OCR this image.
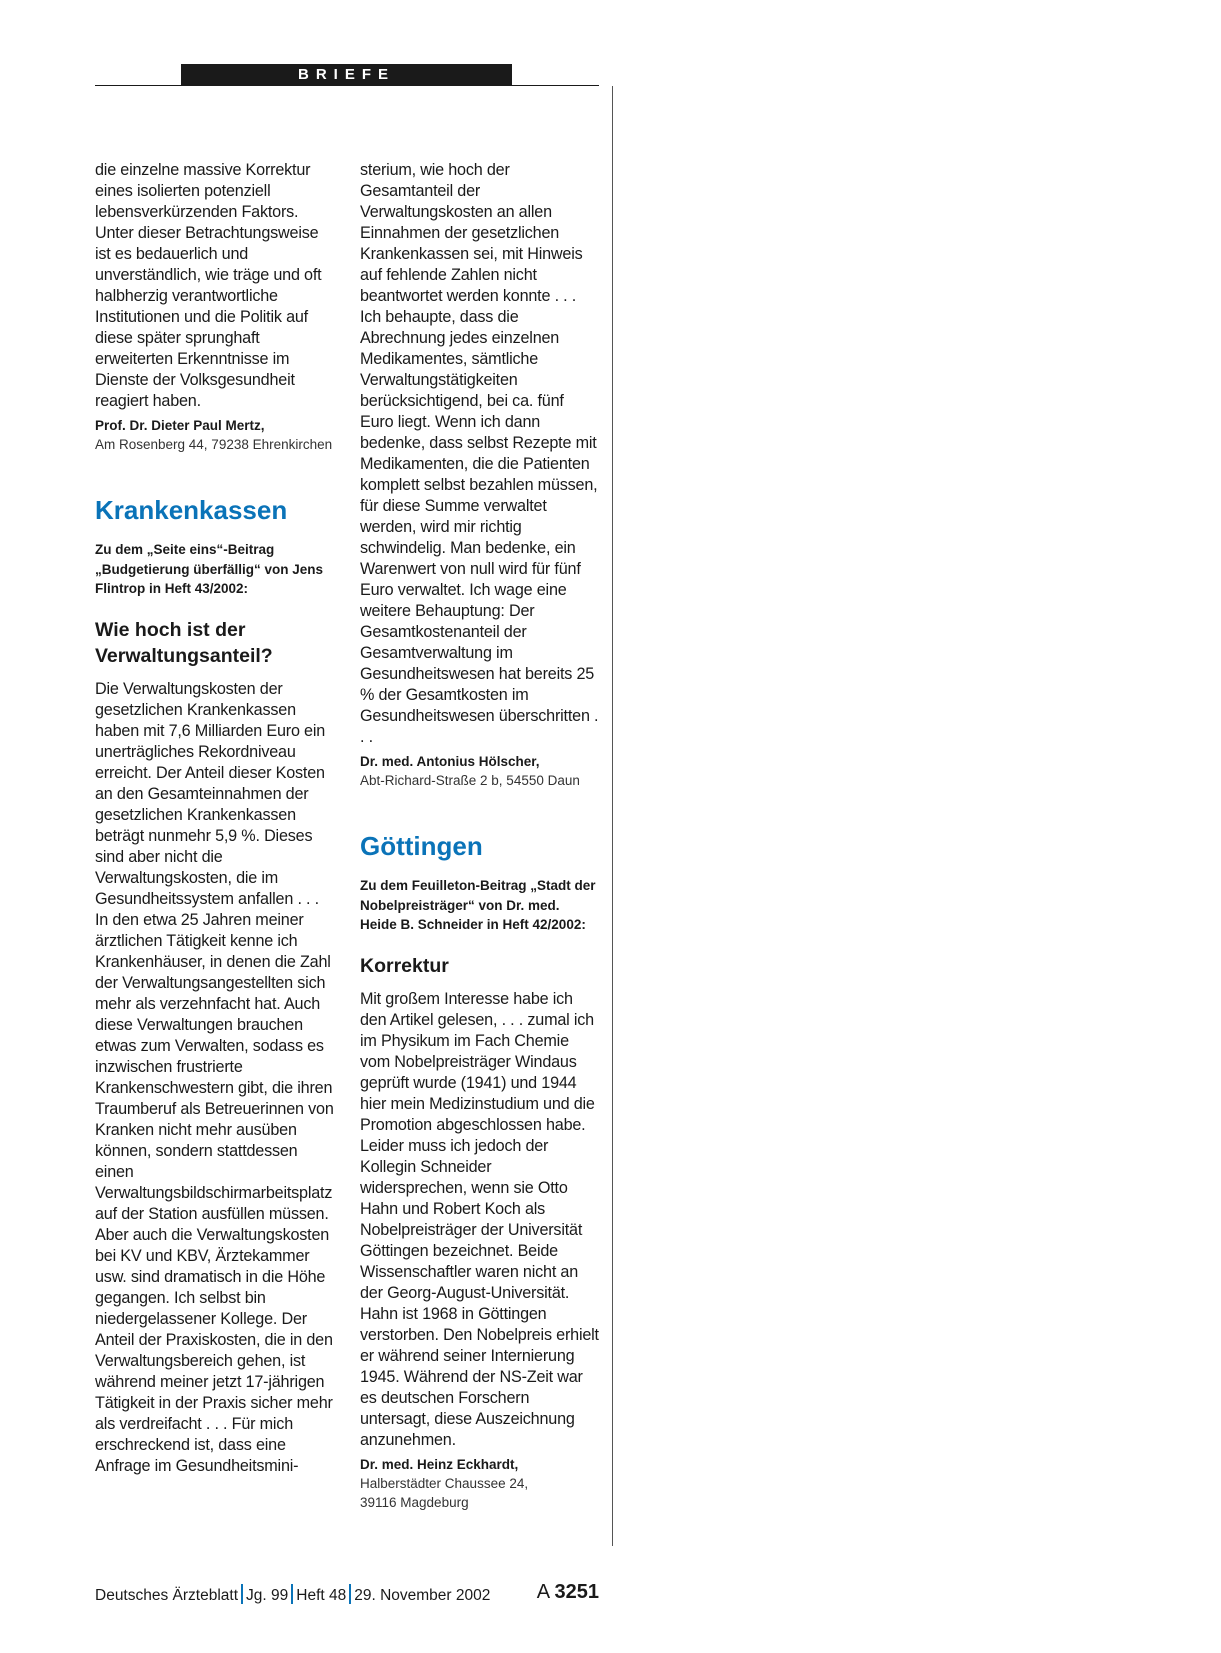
BRIEFE

die einzelne massive Korrektur eines isolierten potenziell lebensverkürzenden Faktors. Unter dieser Betrachtungsweise ist es bedauerlich und unverständlich, wie träge und oft halbherzig verantwortliche Institutionen und die Politik auf diese später sprunghaft erweiterten Erkenntnisse im Dienste der Volksgesundheit reagiert haben.

Prof. Dr. Dieter Paul Mertz,

Am Rosenberg 44, 79238 Ehrenkirchen

Krankenkassen

Zu dem „Seite eins“-Beitrag „Budgetierung überfällig“ von Jens Flintrop in Heft 43/2002:

Wie hoch ist der Verwaltungsanteil?

Die Verwaltungskosten der gesetzlichen Krankenkassen haben mit 7,6 Milliarden Euro ein unerträgliches Rekordniveau erreicht. Der Anteil dieser Kosten an den Gesamteinnahmen der gesetzlichen Krankenkassen beträgt nunmehr 5,9 %. Dieses sind aber nicht die Verwaltungskosten, die im Gesundheitssystem anfallen . . . In den etwa 25 Jahren meiner ärztlichen Tätigkeit kenne ich Krankenhäuser, in denen die Zahl der Verwaltungsangestellten sich mehr als verzehnfacht hat. Auch diese Verwaltungen brauchen etwas zum Verwalten, sodass es inzwischen frustrierte Krankenschwestern gibt, die ihren Traumberuf als Betreuerinnen von Kranken nicht mehr ausüben können, sondern stattdessen einen Verwaltungsbildschirmarbeitsplatz auf der Station ausfüllen müssen. Aber auch die Verwaltungskosten bei KV und KBV, Ärztekammer usw. sind dramatisch in die Höhe gegangen. Ich selbst bin niedergelassener Kollege. Der Anteil der Praxiskosten, die in den Verwaltungsbereich gehen, ist während meiner jetzt 17-jährigen Tätigkeit in der Praxis sicher mehr als verdreifacht . . . Für mich erschreckend ist, dass eine Anfrage im Gesundheitsmini-

sterium, wie hoch der Gesamtanteil der Verwaltungskosten an allen Einnahmen der gesetzlichen Krankenkassen sei, mit Hinweis auf fehlende Zahlen nicht beantwortet werden konnte . . . Ich behaupte, dass die Abrechnung jedes einzelnen Medikamentes, sämtliche Verwaltungstätigkeiten berücksichtigend, bei ca. fünf Euro liegt. Wenn ich dann bedenke, dass selbst Rezepte mit Medikamenten, die die Patienten komplett selbst bezahlen müssen, für diese Summe verwaltet werden, wird mir richtig schwindelig. Man bedenke, ein Warenwert von null wird für fünf Euro verwaltet. Ich wage eine weitere Behauptung: Der Gesamtkostenanteil der Gesamtverwaltung im Gesundheitswesen hat bereits 25 % der Gesamtkosten im Gesundheitswesen überschritten . . .

Dr. med. Antonius Hölscher,

Abt-Richard-Straße 2 b, 54550 Daun

Göttingen

Zu dem Feuilleton-Beitrag „Stadt der Nobelpreisträger“ von Dr. med. Heide B. Schneider in Heft 42/2002:

Korrektur

Mit großem Interesse habe ich den Artikel gelesen, . . . zumal ich im Physikum im Fach Chemie vom Nobelpreisträger Windaus geprüft wurde (1941) und 1944 hier mein Medizinstudium und die Promotion abgeschlossen habe.

Leider muss ich jedoch der Kollegin Schneider widersprechen, wenn sie Otto Hahn und Robert Koch als Nobelpreisträger der Universität Göttingen bezeichnet. Beide Wissenschaftler waren nicht an der Georg-August-Universität. Hahn ist 1968 in Göttingen verstorben. Den Nobelpreis erhielt er während seiner Internierung 1945. Während der NS-Zeit war es deutschen Forschern untersagt, diese Auszeichnung anzunehmen.

Dr. med. Heinz Eckhardt,

Halberstädter Chaussee 24,

39116 Magdeburg

Deutsches Ärzteblatt Jg. 99 Heft 48 29. November 2002 A 3251
